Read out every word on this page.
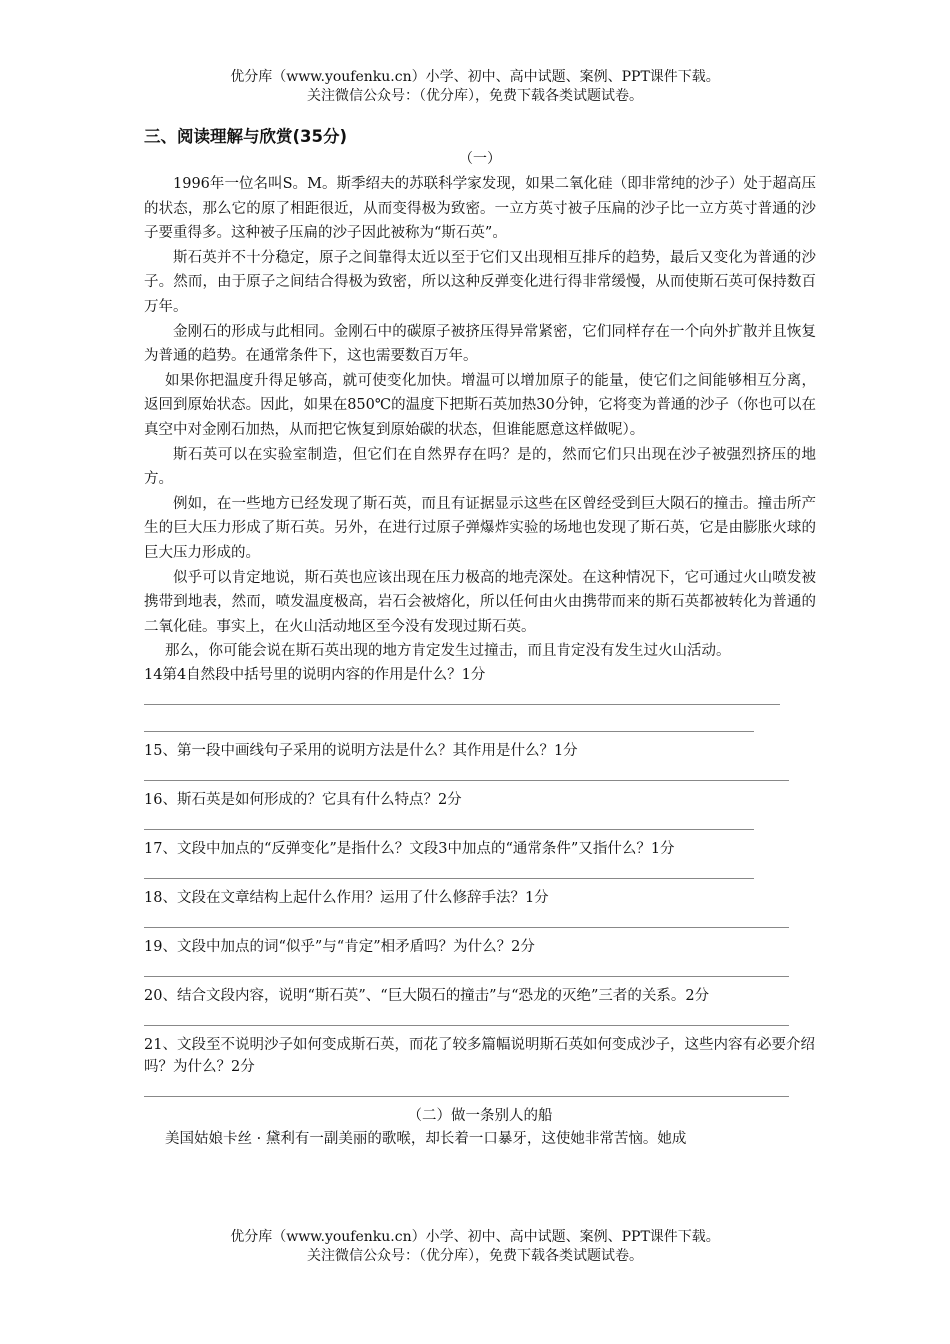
优分库（www.youfenku.cn）小学、初中、高中试题、案例、PPT课件下载。
关注微信公众号：（优分库），免费下载各类试题试卷。

三、阅读理解与欣赏(35分)

（一）

1996年一位名叫S。M。斯季绍夫的苏联科学家发现，如果二氧化硅（即非常纯的沙子）处于超高压的状态，那么它的原了相距很近，从而变得极为致密。一立方英寸被子压扁的沙子比一立方英寸普通的沙子要重得多。这种被子压扁的沙子因此被称为“斯石英”。

斯石英并不十分稳定，原子之间靠得太近以至于它们又出现相互排斥的趋势，最后又变化为普通的沙子。然而，由于原子之间结合得极为致密，所以这种反弹变化进行得非常缓慢，从而使斯石英可保持数百万年。

金刚石的形成与此相同。金刚石中的碳原子被挤压得异常紧密，它们同样存在一个向外扩散并且恢复为普通的趋势。在通常条件下，这也需要数百万年。

如果你把温度升得足够高，就可使变化加快。增温可以增加原子的能量，使它们之间能够相互分离，返回到原始状态。因此，如果在850℃的温度下把斯石英加热30分钟，它将变为普通的沙子（你也可以在真空中对金刚石加热，从而把它恢复到原始碳的状态，但谁能愿意这样做呢）。

斯石英可以在实验室制造，但它们在自然界存在吗？是的，然而它们只出现在沙子被强烈挤压的地方。

例如，在一些地方已经发现了斯石英，而且有证据显示这些在区曾经受到巨大陨石的撞击。撞击所产生的巨大压力形成了斯石英。另外，在进行过原子弹爆炸实验的场地也发现了斯石英，它是由膨胀火球的巨大压力形成的。

似乎可以肯定地说，斯石英也应该出现在压力极高的地壳深处。在这种情况下，它可通过火山喷发被携带到地表，然而，喷发温度极高，岩石会被熔化，所以任何由火由携带而来的斯石英都被转化为普通的二氧化硅。事实上，在火山活动地区至今没有发现过斯石英。

那么，你可能会说在斯石英出现的地方肯定发生过撞击，而且肯定没有发生过火山活动。

14第4自然段中括号里的说明内容的作用是什么？1分

15、第一段中画线句子采用的说明方法是什么？其作用是什么？1分

16、斯石英是如何形成的？它具有什么特点？2分

17、文段中加点的“反弹变化”是指什么？文段3中加点的“通常条件”又指什么？1分

18、文段在文章结构上起什么作用？运用了什么修辞手法？1分

19、文段中加点的词“似乎”与“肯定”相矛盾吗？为什么？2分

20、结合文段内容，说明“斯石英”、“巨大陨石的撞击”与“恐龙的灭绝”三者的关系。2分

21、文段至不说明沙子如何变成斯石英，而花了较多篇幅说明斯石英如何变成沙子，这些内容有必要介绍吗？为什么？2分

（二）做一条别人的船

美国姑娘卡丝 · 黛利有一副美丽的歌喉，却长着一口暴牙，这使她非常苦恼。她成

优分库（www.youfenku.cn）小学、初中、高中试题、案例、PPT课件下载。
关注微信公众号：（优分库），免费下载各类试题试卷。
